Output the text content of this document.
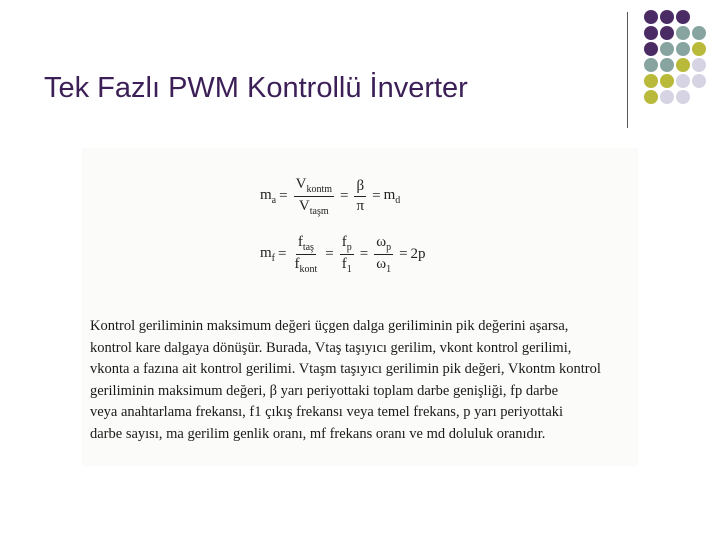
Tek Fazlı PWM Kontrollü İnverter
$m_a = \frac{V_{kontm}}{V_{taşm}} = \frac{\beta}{\pi} = m_d$
$m_f = \frac{f_{taş}}{f_{kont}} = \frac{f_p}{f_1} = \frac{\omega_p}{\omega_1} = 2p$
Kontrol geriliminin maksimum değeri üçgen dalga geriliminin pik değerini aşarsa,
kontrol kare dalgaya dönüşür. Burada, Vtaş taşıyıcı gerilim, vkont kontrol gerilimi,
vkonta a fazına ait kontrol gerilimi. Vtaşm taşıyıcı gerilimin pik değeri, Vkontm kontrol
geriliminin maksimum değeri, β yarı periyottaki toplam darbe genişliği, fp darbe
veya anahtarlama frekansı, f1 çıkış frekansı veya temel frekans, p yarı periyottaki
darbe sayısı, ma gerilim genlik oranı, mf frekans oranı ve md doluluk oranıdır.
